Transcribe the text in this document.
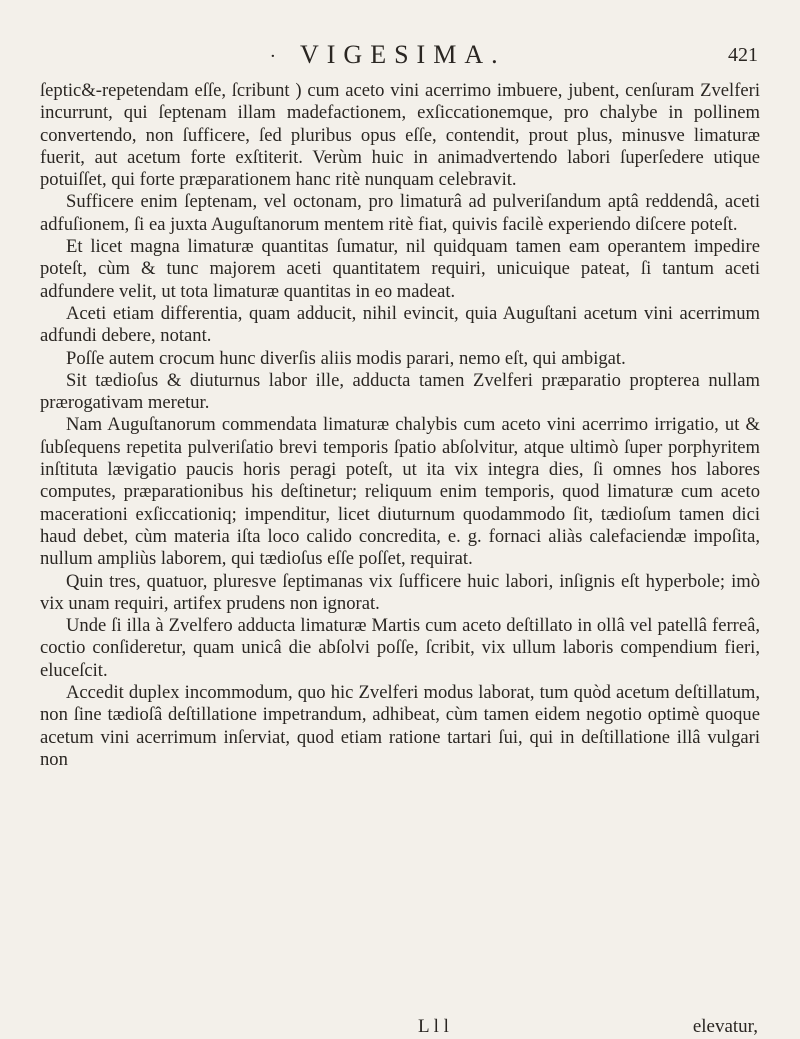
· VIGESIMA.	421

ſeptic&-repetendam eſſe, ſcribunt ) cum aceto vini acerrimo imbuere, jubent, cenſuram Zvelferi incurrunt, qui ſeptenam illam madefactionem, exſiccationemque, pro chalybe in pollinem convertendo, non ſufficere, ſed pluribus opus eſſe, contendit, prout plus, minusve limaturæ fuerit, aut acetum forte exſtiterit. Verùm huic in animadvertendo labori ſuperſedere utique potuiſſet, qui forte præparationem hanc ritè nunquam celebravit.

Sufficere enim ſeptenam, vel octonam, pro limaturâ ad pulveriſandum aptâ reddendâ, aceti adfuſionem, ſi ea juxta Auguſtanorum mentem ritè fiat, quivis facilè experiendo diſcere poteſt.

Et licet magna limaturæ quantitas ſumatur, nil quidquam tamen eam operantem impedire poteſt, cùm & tunc majorem aceti quantitatem requiri, unicuique pateat, ſi tantum aceti adfundere velit, ut tota limaturæ quantitas in eo madeat.

Aceti etiam differentia, quam adducit, nihil evincit, quia Auguſtani acetum vini acerrimum adfundi debere, notant.

Poſſe autem crocum hunc diverſis aliis modis parari, nemo eſt, qui ambigat.

Sit tædioſus & diuturnus labor ille, adducta tamen Zvelferi præparatio propterea nullam prærogativam meretur.

Nam Auguſtanorum commendata limaturæ chalybis cum aceto vini acerrimo irrigatio, ut & ſubſequens repetita pulveriſatio brevi temporis ſpatio abſolvitur, atque ultimò ſuper porphyritem inſtituta lævigatio paucis horis peragi poteſt, ut ita vix integra dies, ſi omnes hos labores computes, præparationibus his deſtinetur; reliquum enim temporis, quod limaturæ cum aceto macerationi exſiccationiq; impenditur, licet diuturnum quodammodo ſit, tædioſum tamen dici haud debet, cùm materia iſta loco calido concredita, e. g. fornaci aliàs calefaciendæ impoſita, nullum ampliùs laborem, qui tædioſus eſſe poſſet, requirat.

Quin tres, quatuor, pluresve ſeptimanas vix ſufficere huic labori, inſignis eſt hyperbole; imò vix unam requiri, artifex prudens non ignorat.

Unde ſi illa à Zvelfero adducta limaturæ Martis cum aceto deſtillato in ollâ vel patellâ ferreâ, coctio conſideretur, quam unicâ die abſolvi poſſe, ſcribit, vix ullum laboris compendium fieri, eluceſcit.

Accedit duplex incommodum, quo hic Zvelferi modus laborat, tum quòd acetum deſtillatum, non ſine tædioſâ deſtillatione impetrandum, adhibeat, cùm tamen eidem negotio optimè quoque acetum vini acerrimum inſerviat, quod etiam ratione tartari ſui, qui in deſtillatione illâ vulgari non

L l l	elevatur,
